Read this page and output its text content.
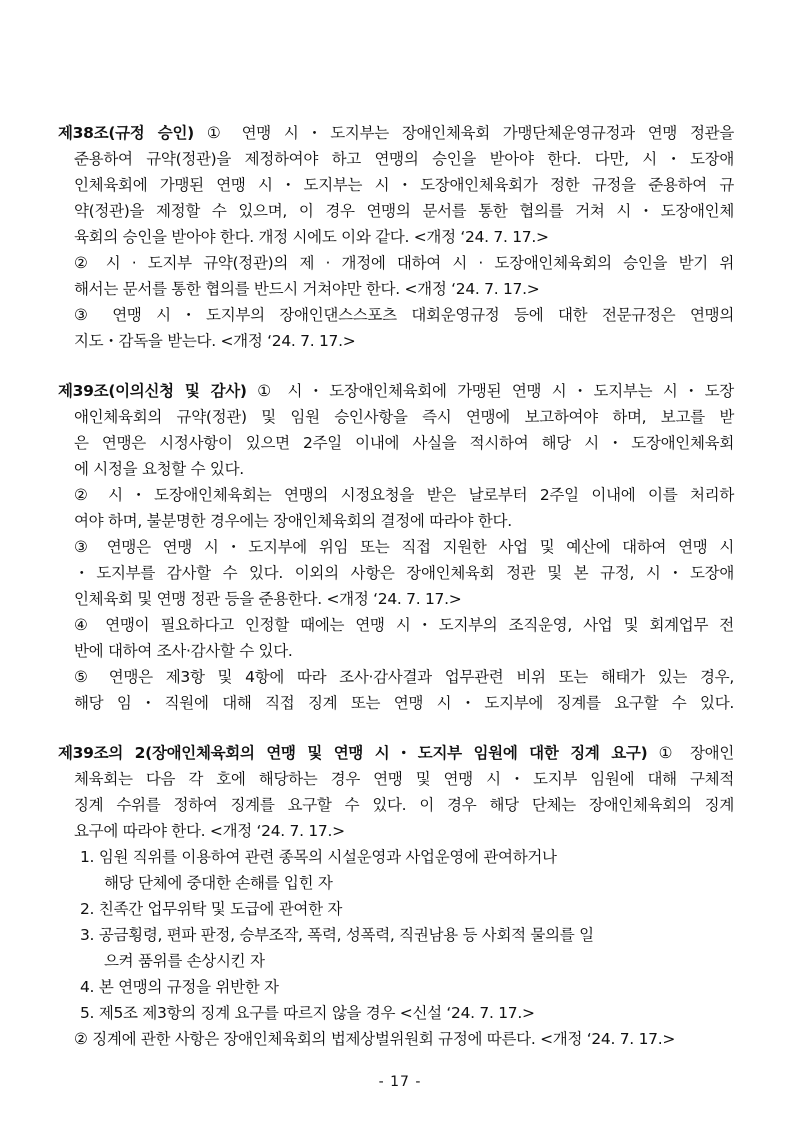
제38조(규정 승인) ① 연맹 시・도지부는 장애인체육회 가맹단체운영규정과 연맹 정관을
준용하여 규약(정관)을 제정하여야 하고 연맹의 승인을 받아야 한다. 다만, 시・도장애
인체육회에 가맹된 연맹 시・도지부는 시・도장애인체육회가 정한 규정을 준용하여 규
약(정관)을 제정할 수 있으며, 이 경우 연맹의 문서를 통한 협의를 거쳐 시・도장애인체
육회의 승인을 받아야 한다. 개정 시에도 이와 같다. <개정 ‘24. 7. 17.>
② 시 · 도지부 규약(정관)의 제 · 개정에 대하여 시 · 도장애인체육회의 승인을 받기 위
해서는 문서를 통한 협의를 반드시 거쳐야만 한다. <개정 ‘24. 7. 17.>
③ 연맹 시・도지부의 장애인댄스스포츠 대회운영규정 등에 대한 전문규정은 연맹의
지도・감독을 받는다. <개정 ‘24. 7. 17.>
제39조(이의신청 및 감사) ① 시・도장애인체육회에 가맹된 연맹 시・도지부는 시・도장
애인체육회의 규약(정관) 및 임원 승인사항을 즉시 연맹에 보고하여야 하며, 보고를 받
은 연맹은 시정사항이 있으면 2주일 이내에 사실을 적시하여 해당 시・도장애인체육회
에 시정을 요청할 수 있다.
② 시・도장애인체육회는 연맹의 시정요청을 받은 날로부터 2주일 이내에 이를 처리하
여야 하며, 불분명한 경우에는 장애인체육회의 결정에 따라야 한다.
③ 연맹은 연맹 시・도지부에 위임 또는 직접 지원한 사업 및 예산에 대하여 연맹 시
・도지부를 감사할 수 있다. 이외의 사항은 장애인체육회 정관 및 본 규정, 시・도장애
인체육회 및 연맹 정관 등을 준용한다. <개정 ‘24. 7. 17.>
④ 연맹이 필요하다고 인정할 때에는 연맹 시・도지부의 조직운영, 사업 및 회계업무 전
반에 대하여 조사·감사할 수 있다.
⑤ 연맹은 제3항 및 4항에 따라 조사·감사결과 업무관련 비위 또는 해태가 있는 경우,
해당 임・직원에 대해 직접 징계 또는 연맹 시・도지부에 징계를 요구할 수 있다.
제39조의 2(장애인체육회의 연맹 및 연맹 시・도지부 임원에 대한 징계 요구) ① 장애인
체육회는 다음 각 호에 해당하는 경우 연맹 및 연맹 시・도지부 임원에 대해 구체적
징계 수위를 정하여 징계를 요구할 수 있다. 이 경우 해당 단체는 장애인체육회의 징계
요구에 따라야 한다. <개정 ‘24. 7. 17.>
1. 임원 직위를 이용하여 관련 종목의 시설운영과 사업운영에 관여하거나
해당 단체에 중대한 손해를 입힌 자
2. 친족간 업무위탁 및 도급에 관여한 자
3. 공금횡령, 편파 판정, 승부조작, 폭력, 성폭력, 직권남용 등 사회적 물의를 일
으켜 품위를 손상시킨 자
4. 본 연맹의 규정을 위반한 자
5. 제5조 제3항의 징계 요구를 따르지 않을 경우 <신설 ‘24. 7. 17.>
② 징계에 관한 사항은 장애인체육회의 법제상벌위원회 규정에 따른다. <개정 ‘24. 7. 17.>
- 17 -
